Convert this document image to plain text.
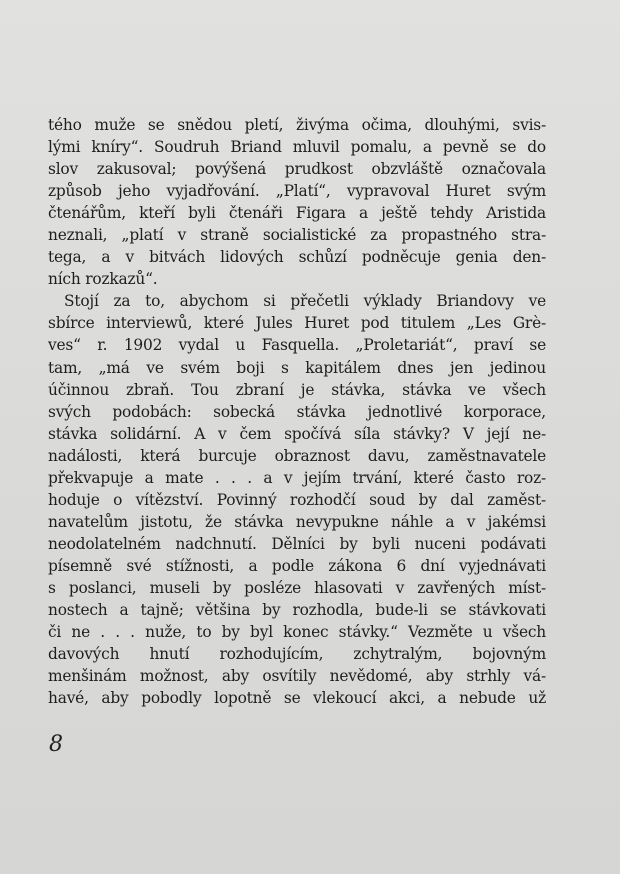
tého muže se snědou pletí, živýma očima, dlouhými, svis-
lými kníry“. Soudruh Briand mluvil pomalu, a pevně se do
slov zakusoval; povýšená prudkost obzvláště označovala
způsob jeho vyjadřování. „Platí“, vypravoval Huret svým
čtenářům, kteří byli čtenáři Figara a ještě tehdy Aristida
neznali, „platí v straně socialistické za propastného stra-
tega, a v bitvách lidových schůzí podněcuje genia den-
ních rozkazů“.
Stojí za to, abychom si přečetli výklady Briandovy ve
sbírce interviewů, které Jules Huret pod titulem „Les Grè-
ves“ r. 1902 vydal u Fasquella. „Proletariát“, praví se
tam, „má ve svém boji s kapitálem dnes jen jedinou
účinnou zbraň. Tou zbraní je stávka, stávka ve všech
svých podobách: sobecká stávka jednotlivé korporace,
stávka solidární. A v čem spočívá síla stávky? V její ne-
nadálosti, která burcuje obraznost davu, zaměstnavatele
překvapuje a mate . . . a v jejím trvání, které často roz-
hoduje o vítězství. Povinný rozhodčí soud by dal zaměst-
navatelům jistotu, že stávka nevypukne náhle a v jakémsi
neodolatelném nadchnutí. Dělníci by byli nuceni podávati
písemně své stížnosti, a podle zákona 6 dní vyjednávati
s poslanci, museli by posléze hlasovati v zavřených míst-
nostech a tajně; většina by rozhodla, bude-li se stávkovati
či ne . . . nuže, to by byl konec stávky.“ Vezměte u všech
davových hnutí rozhodujícím, zchytralým, bojovným
menšinám možnost, aby osvítily nevědomé, aby strhly vá-
havé, aby pobodly lopotně se vlekoucí akci, a nebude už
8
